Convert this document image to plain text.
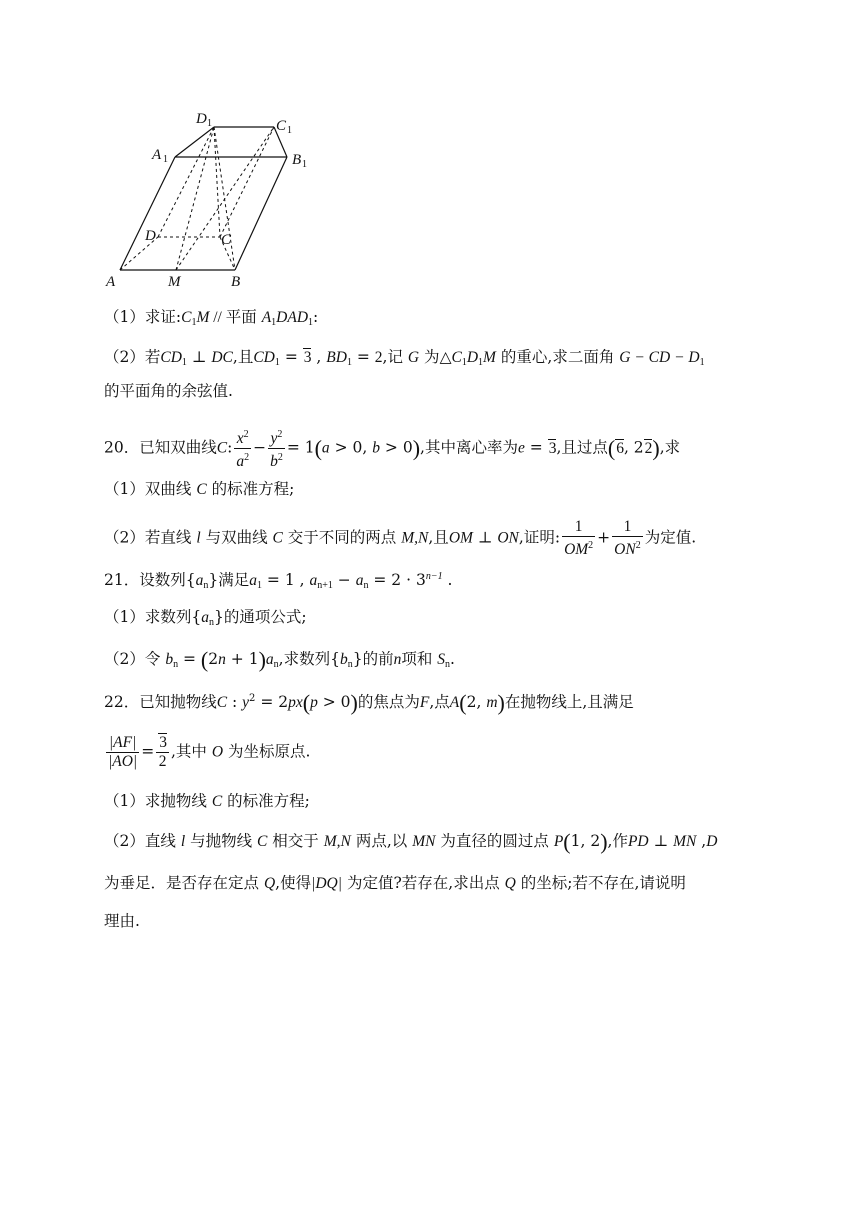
A	M	B
D	C
A 1
D 1	C 1
B 1
（1）求证$:C_1M$ // 平面 $A_1DAD_1$:
（2）若$CD_1$ ⊥ DC,且$CD_1 = 3$ , $BD_1 = 2$,记 G 为$\triangle C_1D_1M$ 的重心,求二面角 G − CD − $D_1$
的平面角的余弦值.
20．已知双曲线C: $\frac{x^2}{a^2} - \frac{y^2}{b^2} = 1(a > 0$, b > 0),其中离心率为e = 3,且过点(6, 22),求
（1）双曲线 C 的标准方程;
（2）若直线 l 与双曲线 C 交于不同的两点 M,N,且OM ⊥ ON,证明: $\frac{1}{OM^2} + \frac{1}{ON^2}$ 为定值.
21．设数列$\{a_n\}$满足$a_1 = 1$ , $a_{n+1} - a_n = 2 \cdot 3^{n-1}$ .
（1）求数列$\{a_n\}$的通项公式;
（2）令 $b_n = (2n + 1)a_n$,求数列$\{b_n\}$的前n项和 $S_n$.
22．已知抛物线C : $y^2 = 2px(p > 0)$的焦点为F,点A(2, m)在抛物线上,且满足
$\frac{|AF|}{|AO|} = \frac{3}{2}$ ,其中 O 为坐标原点.
（1）求抛物线 C 的标准方程;
（2）直线 l 与抛物线 C 相交于 M,N 两点,以 MN 为直径的圆过点 P(1, 2),作PD ⊥ MN ,D
为垂足．是否存在定点 Q,使得|DQ| 为定值?若存在,求出点 Q 的坐标;若不存在,请说明
理由.
